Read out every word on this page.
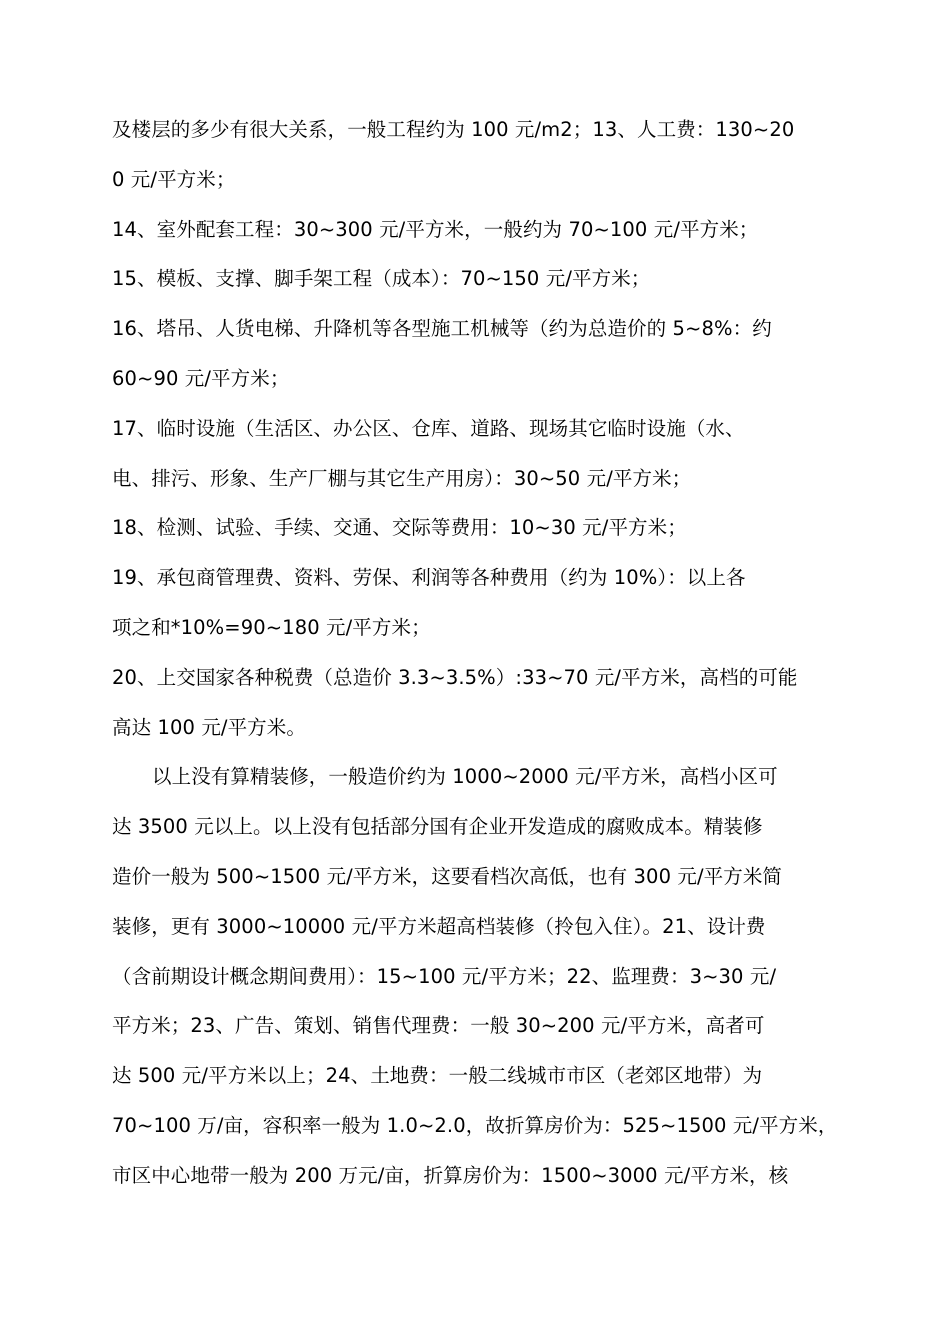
及楼层的多少有很大关系，一般工程约为 100 元/m2；13、人工费：130~20
0 元/平方米；
14、室外配套工程：30~300 元/平方米，一般约为 70~100 元/平方米；
15、模板、支撑、脚手架工程（成本）：70~150 元/平方米；
16、塔吊、人货电梯、升降机等各型施工机械等（约为总造价的 5~8%：约
60~90 元/平方米；
17、临时设施（生活区、办公区、仓库、道路、现场其它临时设施（水、
电、排污、形象、生产厂棚与其它生产用房）：30~50 元/平方米；
18、检测、试验、手续、交通、交际等费用：10~30 元/平方米；
19、承包商管理费、资料、劳保、利润等各种费用（约为 10%）：以上各
项之和*10%=90~180 元/平方米；
20、上交国家各种税费（总造价 3.3~3.5%）:33~70 元/平方米，高档的可能
高达 100 元/平方米。
以上没有算精装修，一般造价约为 1000~2000 元/平方米，高档小区可
达 3500 元以上。以上没有包括部分国有企业开发造成的腐败成本。精装修
造价一般为 500~1500 元/平方米，这要看档次高低，也有 300 元/平方米简
装修，更有 3000~10000 元/平方米超高档装修（拎包入住）。21、设计费
（含前期设计概念期间费用）：15~100 元/平方米；22、监理费：3~30 元/
平方米；23、广告、策划、销售代理费：一般 30~200 元/平方米，高者可
达 500 元/平方米以上；24、土地费：一般二线城市市区（老郊区地带）为
70~100 万/亩，容积率一般为 1.0~2.0，故折算房价为：525~1500 元/平方米，
市区中心地带一般为 200 万元/亩，折算房价为：1500~3000 元/平方米，核
